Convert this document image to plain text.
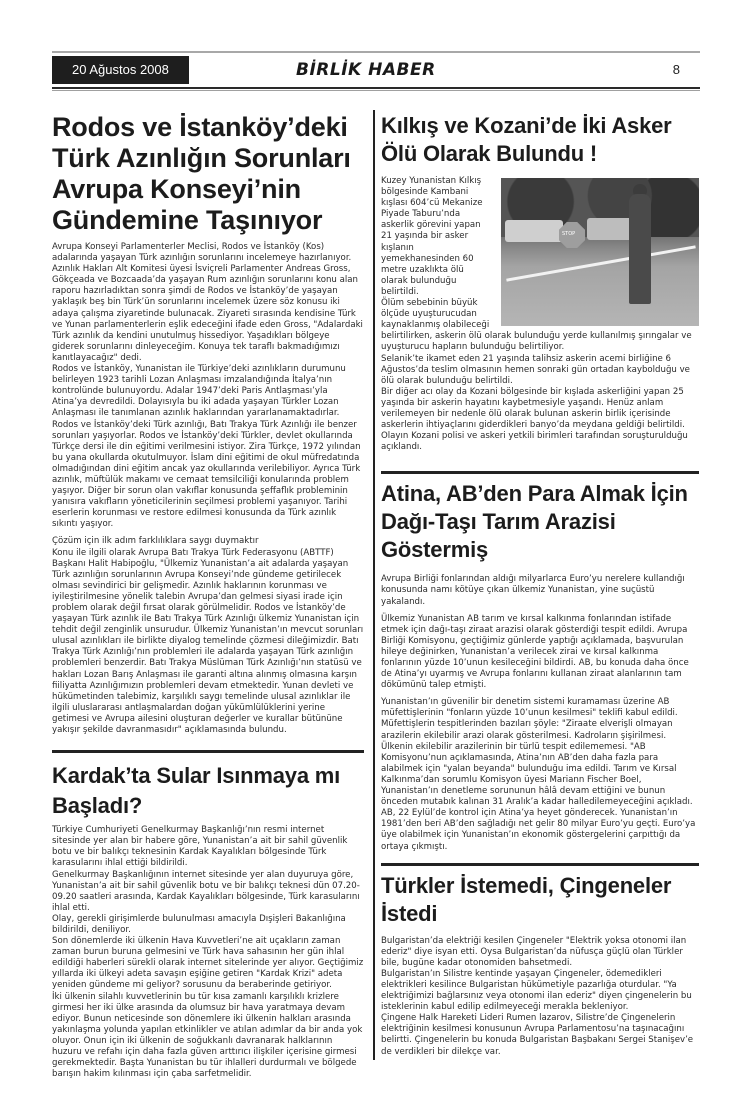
20 Ağustos 2008	BİRLİK HABER	8
Rodos ve İstanköy’deki Türk Azınlığın Sorunları Avrupa Konseyi’nin Gündemine Taşınıyor

Avrupa Konseyi Parlamenterler Meclisi, Rodos ve İstanköy (Kos) adalarında yaşayan Türk azınlığın sorunlarını incelemeye hazırlanıyor. Azınlık Hakları Alt Komitesi üyesi İsviçreli Parlamenter Andreas Gross, Gökçeada ve Bozcaada’da yaşayan Rum azınlığın sorunlarını konu alan raporu hazırladıktan sonra şimdi de Rodos ve İstanköy’de yaşayan yaklaşık beş bin Türk’ün sorunlarını incelemek üzere söz konusu iki adaya çalışma ziyaretinde bulunacak. Ziyareti sırasında kendisine Türk ve Yunan parlamenterlerin eşlik edeceğini ifade eden Gross, "Adalardaki Türk azınlık da kendini unutulmuş hissediyor. Yaşadıkları bölgeye giderek sorunlarını dinleyeceğim. Konuya tek taraflı bakmadığımızı kanıtlayacağız" dedi.

Rodos ve İstanköy, Yunanistan ile Türkiye’deki azınlıkların durumunu belirleyen 1923 tarihli Lozan Anlaşması imzalandığında İtalya’nın kontrolünde bulunuyordu. Adalar 1947’deki Paris Antlaşması’yla Atina’ya devredildi. Dolayısıyla bu iki adada yaşayan Türkler Lozan Anlaşması ile tanımlanan azınlık haklarından yararlanamaktadırlar. Rodos ve İstanköy’deki Türk azınlığı, Batı Trakya Türk Azınlığı ile benzer sorunları yaşıyorlar. Rodos ve İstanköy’deki Türkler, devlet okullarında Türkçe dersi ile din eğitimi verilmesini istiyor. Zira Türkçe, 1972 yılından bu yana okullarda okutulmuyor. İslam dini eğitimi de okul müfredatında olmadığından dini eğitim ancak yaz okullarında verilebiliyor. Ayrıca Türk azınlık, müftülük makamı ve cemaat temsilciliği konularında problem yaşıyor. Diğer bir sorun olan vakıflar konusunda şeffaflık probleminin yanısıra vakıfların yöneticilerinin seçilmesi problemi yaşanıyor. Tarihi eserlerin korunması ve restore edilmesi konusunda da Türk azınlık sıkıntı yaşıyor.

Çözüm için ilk adım farklılıklara saygı duymaktır

Konu ile ilgili olarak Avrupa Batı Trakya Türk Federasyonu (ABTTF) Başkanı Halit Habipoğlu, "Ülkemiz Yunanistan’a ait adalarda yaşayan Türk azınlığın sorunlarının Avrupa Konseyi’nde gündeme getirilecek olması sevindirici bir gelişmedir. Azınlık haklarının korunması ve iyileştirilmesine yönelik talebin Avrupa’dan gelmesi siyasi irade için problem olarak değil fırsat olarak görülmelidir. Rodos ve İstanköy’de yaşayan Türk azınlık ile Batı Trakya Türk Azınlığı ülkemiz Yunanistan için tehdit değil zenginlik unsurudur. Ülkemiz Yunanistan’ın mevcut sorunları ulusal azınlıkları ile birlikte diyalog temelinde çözmesi dileğimizdir. Batı Trakya Türk Azınlığı’nın problemleri ile adalarda yaşayan Türk azınlığın problemleri benzerdir. Batı Trakya Müslüman Türk Azınlığı’nın statüsü ve hakları Lozan Barış Anlaşması ile garanti altına alınmış olmasına karşın fiiliyatta Azınlığımızın problemleri devam etmektedir. Yunan devleti ve hükümetinden talebimiz, karşılıklı saygı temelinde ulusal azınlıklar ile ilgili uluslararası antlaşmalardan doğan yükümlülüklerini yerine getimesi ve Avrupa ailesini oluşturan değerler ve kurallar bütününe yakışır şekilde davranmasıdır" açıklamasında bulundu.

Kardak’ta Sular Isınmaya mı Başladı?

Türkiye Cumhuriyeti Genelkurmay Başkanlığı’nın resmi internet sitesinde yer alan bir habere göre, Yunanistan’a ait bir sahil güvenlik botu ve bir balıkçı teknesinin Kardak Kayalıkları bölgesinde Türk karasularını ihlal ettiği bildirildi.

Genelkurmay Başkanlığının internet sitesinde yer alan duyuruya göre, Yunanistan’a ait bir sahil güvenlik botu ve bir balıkçı teknesi dün 07.20-09.20 saatleri arasında, Kardak Kayalıkları bölgesinde, Türk karasularını ihlal etti.

Olay, gerekli girişimlerde bulunulması amacıyla Dışişleri Bakanlığına bildirildi, deniliyor.

Son dönemlerde iki ülkenin Hava Kuvvetleri’ne ait uçakların zaman zaman burun buruna gelmesini ve Türk hava sahasının her gün ihlal edildiği haberleri sürekli olarak internet sitelerinde yer alıyor. Geçtiğimiz yıllarda iki ülkeyi adeta savaşın eşiğine getiren "Kardak Krizi" adeta yeniden gündeme mi geliyor? sorusunu da beraberinde getiriyor.

İki ülkenin silahlı kuvvetlerinin bu tür kısa zamanlı karşılıklı krizlere girmesi her iki ülke arasında da olumsuz bir hava yaratmaya devam ediyor. Bunun neticesinde son dönemlere iki ülkenin halkları arasında yakınlaşma yolunda yapılan etkinlikler ve atılan adımlar da bir anda yok oluyor. Onun için iki ülkenin de soğukkanlı davranarak halklarının huzuru ve refahı için daha fazla güven arttırıcı ilişkiler içerisine girmesi gerekmektedir. Başta Yunanistan bu tür ihlalleri durdurmalı ve bölgede barışın hakim kılınması için çaba sarfetmelidir.

Kılkış ve Kozani’de İki Asker Ölü Olarak Bulundu !
STOP

Kuzey Yunanistan Kılkış bölgesinde Kambani kışlası 604’cü Mekanize Piyade Taburu’nda askerlik görevini yapan 21 yaşında bir asker kışlanın yemekhanesinden 60 metre uzaklıkta ölü olarak bulunduğu belirtildi.

Ölüm sebebinin büyük ölçüde uyuşturucudan kaynaklanmış olabileceği belirtilirken, askerin ölü olarak bulunduğu yerde kullanılmış şırıngalar ve uyuşturucu hapların bulunduğu belirtiliyor.

Selanik’te ikamet eden 21 yaşında talihsiz askerin acemi birliğine 6 Ağustos’da teslim olmasının hemen sonraki gün ortadan kaybolduğu ve ölü olarak bulunduğu belirtildi.

Bir diğer acı olay da Kozani bölgesinde bir kışlada askerliğini yapan 25 yaşında bir askerin hayatını kaybetmesiyle yaşandı. Henüz anlam verilemeyen bir nedenle ölü olarak bulunan askerin birlik içerisinde askerlerin ihtiyaçlarını giderdikleri banyo’da meydana geldiği belirtildi. Olayın Kozani polisi ve askeri yetkili birimleri tarafından soruşturulduğu açıklandı.

Atina, AB’den Para Almak İçin Dağı-Taşı Tarım Arazisi Göstermiş

Avrupa Birliği fonlarından aldığı milyarlarca Euro’yu nerelere kullandığı konusunda namı kötüye çıkan ülkemiz Yunanistan, yine suçüstü yakalandı.

Ülkemiz Yunanistan AB tarım ve kırsal kalkınma fonlarından istifade etmek için dağı-taşı ziraat arazisi olarak gösterdiği tespit edildi. Avrupa Birliği Komisyonu, geçtiğimiz günlerde yaptığı açıklamada, başvurulan hileye değinirken, Yunanistan’a verilecek zirai ve kırsal kalkınma fonlarının yüzde 10’unun kesileceğini bildirdi. AB, bu konuda daha önce de Atina’yı uyarmış ve Avrupa fonlarını kullanan ziraat alanlarının tam dökümünü talep etmişti.

Yunanistan’ın güvenilir bir denetim sistemi kuramaması üzerine AB müfettişlerinin "fonların yüzde 10’unun kesilmesi" teklifi kabul edildi. Müfettişlerin tespitlerinden bazıları şöyle: "Ziraate elverişli olmayan arazilerin ekilebilir arazi olarak gösterilmesi. Kadroların şişirilmesi. Ülkenin ekilebilir arazilerinin bir türlü tespit edilememesi. "AB Komisyonu’nun açıklamasında, Atina’nın AB’den daha fazla para alabilmek için "yalan beyanda" bulunduğu ima edildi. Tarım ve Kırsal Kalkınma’dan sorumlu Komisyon üyesi Mariann Fischer Boel, Yunanistan’ın denetleme sorununun hâlâ devam ettiğini ve bunun önceden mutabık kalınan 31 Aralık’a kadar halledilemeyeceğini açıkladı. AB, 22 Eylül’de kontrol için Atina’ya heyet gönderecek. Yunanistan’ın 1981’den beri AB’den sağladığı net gelir 80 milyar Euro’yu geçti. Euro’ya üye olabilmek için Yunanistan’ın ekonomik göstergelerini çarpıttığı da ortaya çıkmıştı.

Türkler İstemedi, Çingeneler İstedi

Bulgaristan’da elektriği kesilen Çingeneler "Elektrik yoksa otonomi ilan ederiz" diye isyan etti. Oysa Bulgaristan’da nüfusça güçlü olan Türkler bile, bugüne kadar otonomiden bahsetmedi.

Bulgaristan’ın Silistre kentinde yaşayan Çingeneler, ödemedikleri elektrikleri kesilince Bulgaristan hükümetiyle pazarlığa oturdular. "Ya elektriğimizi bağlarsınız veya otonomi ilan ederiz" diyen çingenelerin bu isteklerinin kabul edilip edilmeyeceği merakla bekleniyor.

Çingene Halk Hareketi Lideri Rumen lazarov, Silistre’de Çingenelerin elektriğinin kesilmesi konusunun Avrupa Parlamentosu’na taşınacağını belirtti. Çingenelerin bu konuda Bulgaristan Başbakanı Sergei Stanişev’e de verdikleri bir dilekçe var.
